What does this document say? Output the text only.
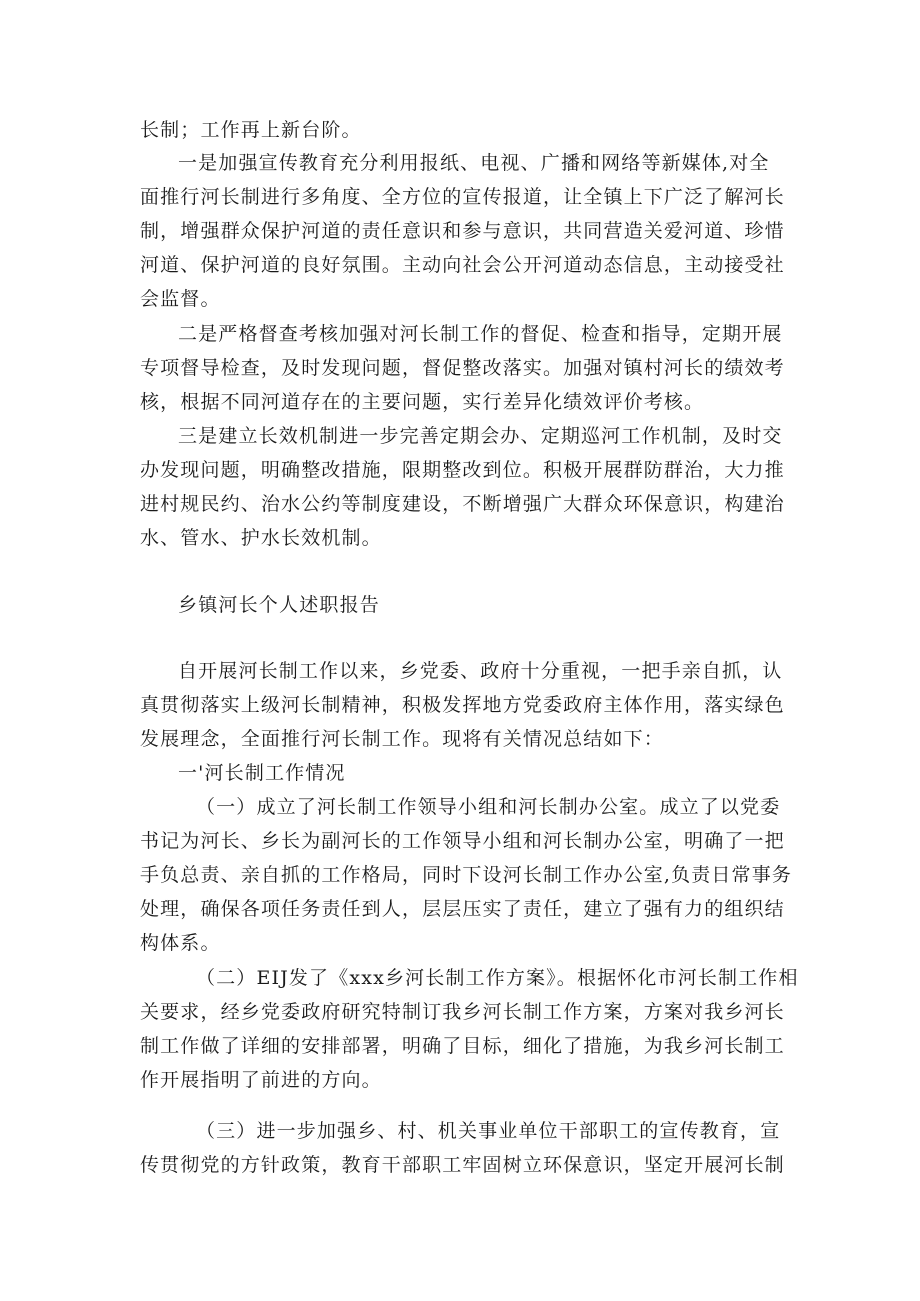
长制；工作再上新台阶。
一是加强宣传教育充分利用报纸、电视、广播和网络等新媒体,对全
面推行河长制进行多角度、全方位的宣传报道，让全镇上下广泛了解河长
制，增强群众保护河道的责任意识和参与意识，共同营造关爱河道、珍惜
河道、保护河道的良好氛围。主动向社会公开河道动态信息，主动接受社
会监督。
二是严格督查考核加强对河长制工作的督促、检查和指导，定期开展
专项督导检查，及时发现问题，督促整改落实。加强对镇村河长的绩效考
核，根据不同河道存在的主要问题，实行差异化绩效评价考核。
三是建立长效机制进一步完善定期会办、定期巡河工作机制，及时交
办发现问题，明确整改措施，限期整改到位。积极开展群防群治，大力推
进村规民约、治水公约等制度建设，不断增强广大群众环保意识，构建治
水、管水、护水长效机制。
乡镇河长个人述职报告
自开展河长制工作以来，乡党委、政府十分重视，一把手亲自抓，认
真贯彻落实上级河长制精神，积极发挥地方党委政府主体作用，落实绿色
发展理念，全面推行河长制工作。现将有关情况总结如下：
一'河长制工作情况
（一）成立了河长制工作领导小组和河长制办公室。成立了以党委
书记为河长、乡长为副河长的工作领导小组和河长制办公室，明确了一把
手负总责、亲自抓的工作格局，同时下设河长制工作办公室,负责日常事务
处理，确保各项任务责任到人，层层压实了责任，建立了强有力的组织结
构体系。
（二）EIJ发了《xxx乡河长制工作方案》。根据怀化市河长制工作相
关要求，经乡党委政府研究特制订我乡河长制工作方案，方案对我乡河长
制工作做了详细的安排部署，明确了目标，细化了措施，为我乡河长制工
作开展指明了前进的方向。
（三）进一步加强乡、村、机关事业单位干部职工的宣传教育，宣
传贯彻党的方针政策，教育干部职工牢固树立环保意识，坚定开展河长制
